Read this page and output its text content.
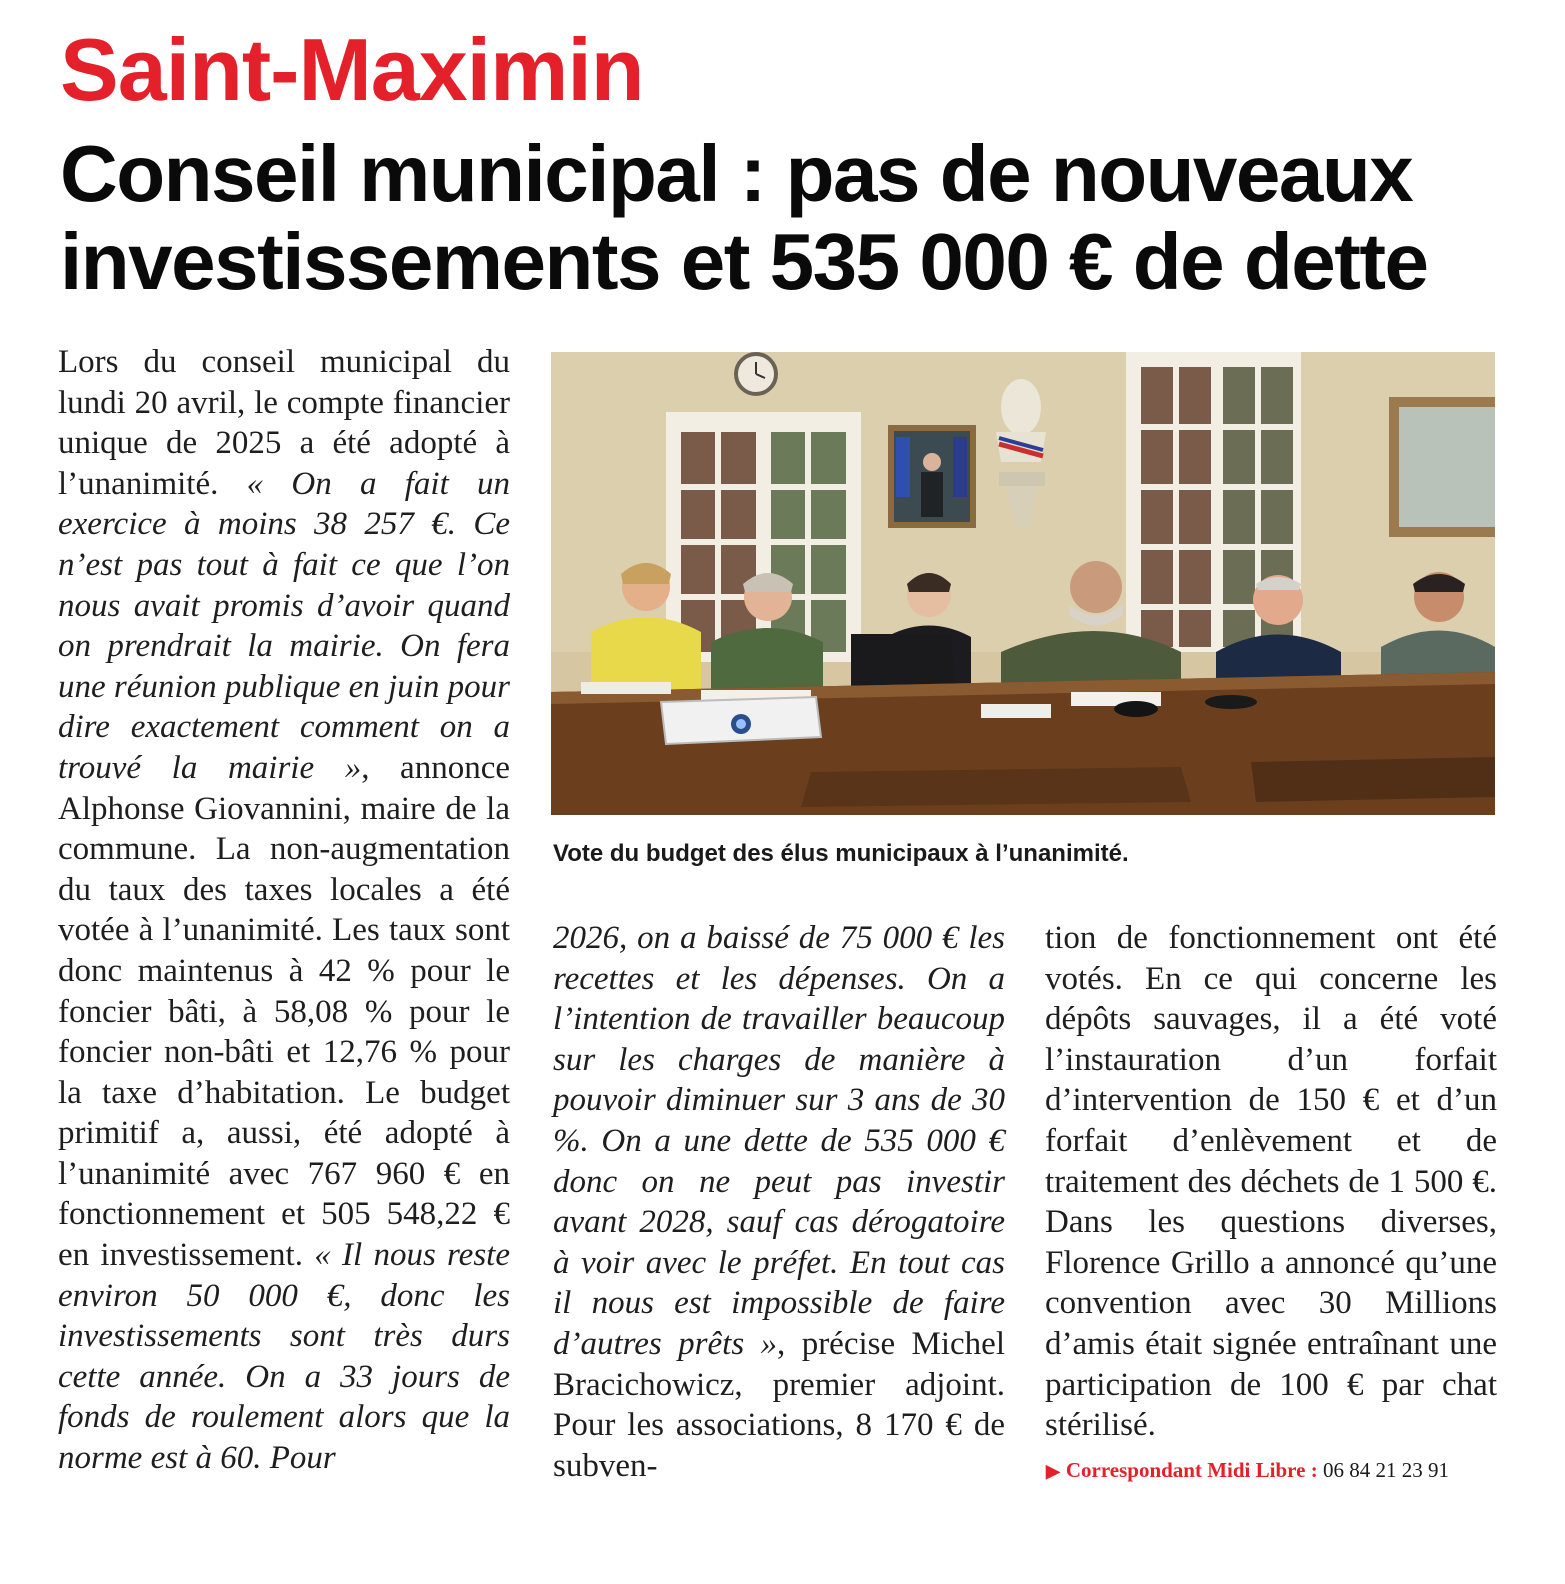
Saint-Maximin
Conseil municipal : pas de nouveaux investissements et 535 000 € de dette
Lors du conseil municipal du lundi 20 avril, le compte financier unique de 2025 a été adopté à l’unanimité. « On a fait un exercice à moins 38 257 €. Ce n’est pas tout à fait ce que l’on nous avait promis d’avoir quand on prendrait la mairie. On fera une réunion publique en juin pour dire exactement comment on a trouvé la mairie », annonce Alphonse Giovannini, maire de la commune. La non-augmentation du taux des taxes locales a été votée à l’unanimité. Les taux sont donc maintenus à 42 % pour le foncier bâti, à 58,08 % pour le foncier non-bâti et 12,76 % pour la taxe d’habitation. Le budget primitif a, aussi, été adopté à l’unanimité avec 767 960 € en fonctionnement et 505 548,22 € en investissement. « Il nous reste environ 50 000 €, donc les investissements sont très durs cette année. On a 33 jours de fonds de roulement alors que la norme est à 60. Pour

Vote du budget des élus municipaux à l’unanimité.

2026, on a baissé de 75 000 € les recettes et les dépenses. On a l’intention de travailler beaucoup sur les charges de manière à pouvoir diminuer sur 3 ans de 30 %. On a une dette de 535 000 € donc on ne peut pas investir avant 2028, sauf cas dérogatoire à voir avec le préfet. En tout cas il nous est impossible de faire d’autres prêts », précise Michel Bracichowicz, premier adjoint. Pour les associations, 8 170 € de subven-
tion de fonctionnement ont été votés. En ce qui concerne les dépôts sauvages, il a été voté l’instauration d’un forfait d’intervention de 150 € et d’un forfait d’enlèvement et de traitement des déchets de 1 500 €. Dans les questions diverses, Florence Grillo a annoncé qu’une convention avec 30 Millions d’amis était signée entraînant une participation de 100 € par chat stérilisé.
▶ Correspondant Midi Libre : 06 84 21 23 91
